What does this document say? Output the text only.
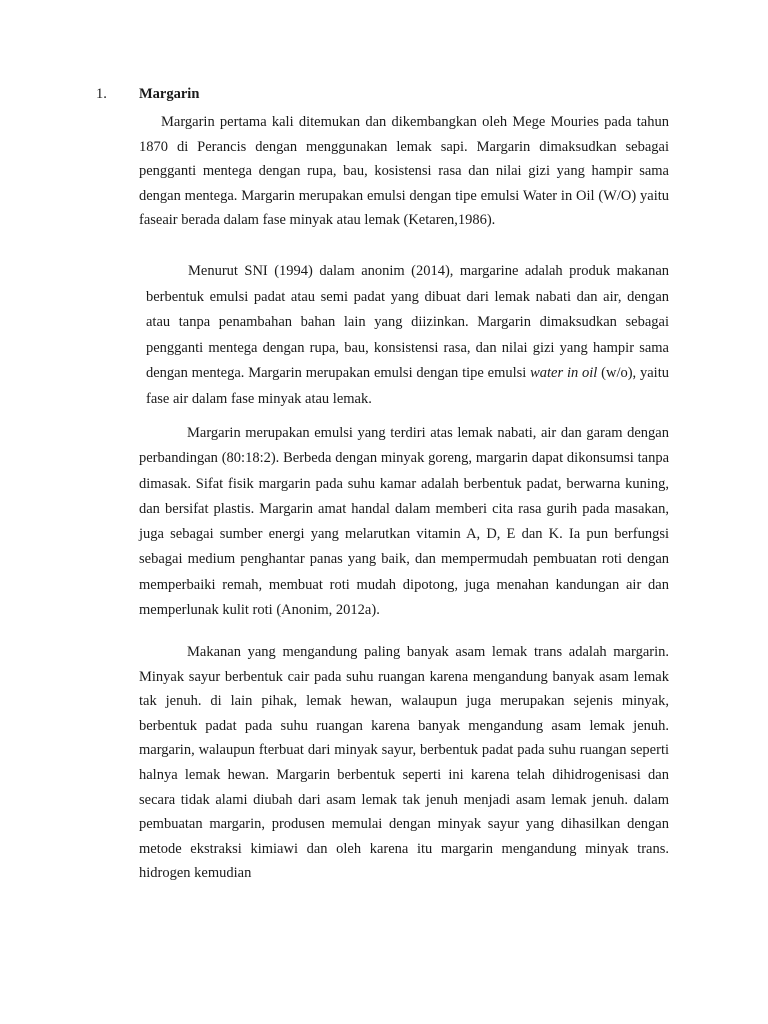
1. Margarin

Margarin pertama kali ditemukan dan dikembangkan oleh Mege Mouries pada tahun 1870 di Perancis dengan menggunakan lemak sapi. Margarin dimaksudkan sebagai pengganti mentega dengan rupa, bau, kosistensi rasa dan nilai gizi yang hampir sama dengan mentega. Margarin merupakan emulsi dengan tipe emulsi Water in Oil (W/O) yaitu faseair berada dalam fase minyak atau lemak (Ketaren,1986).

Menurut SNI (1994) dalam anonim (2014), margarine adalah produk makanan berbentuk emulsi padat atau semi padat yang dibuat dari lemak nabati dan air, dengan atau tanpa penambahan bahan lain yang diizinkan. Margarin dimaksudkan sebagai pengganti mentega dengan rupa, bau, konsistensi rasa, dan nilai gizi yang hampir sama dengan mentega. Margarin merupakan emulsi dengan tipe emulsi water in oil (w/o), yaitu fase air dalam fase minyak atau lemak.

Margarin merupakan emulsi yang terdiri atas lemak nabati, air dan garam dengan perbandingan (80:18:2). Berbeda dengan minyak goreng, margarin dapat dikonsumsi tanpa dimasak. Sifat fisik margarin pada suhu kamar adalah berbentuk padat, berwarna kuning, dan bersifat plastis. Margarin amat handal dalam memberi cita rasa gurih pada masakan, juga sebagai sumber energi yang melarutkan vitamin A, D, E dan K. Ia pun berfungsi sebagai medium penghantar panas yang baik, dan mempermudah pembuatan roti dengan memperbaiki remah, membuat roti mudah dipotong, juga menahan kandungan air dan memperlunak kulit roti (Anonim, 2012a).

Makanan yang mengandung paling banyak asam lemak trans adalah margarin. Minyak sayur berbentuk cair pada suhu ruangan karena mengandung banyak asam lemak tak jenuh. di lain pihak, lemak hewan, walaupun juga merupakan sejenis minyak, berbentuk padat pada suhu ruangan karena banyak mengandung asam lemak jenuh. margarin, walaupun fterbuat dari minyak sayur, berbentuk padat pada suhu ruangan seperti halnya lemak hewan. Margarin berbentuk seperti ini karena telah dihidrogenisasi dan secara tidak alami diubah dari asam lemak tak jenuh menjadi asam lemak jenuh. dalam pembuatan margarin, produsen memulai dengan minyak sayur yang dihasilkan dengan metode ekstraksi kimiawi dan oleh karena itu margarin mengandung minyak trans. hidrogen kemudian
